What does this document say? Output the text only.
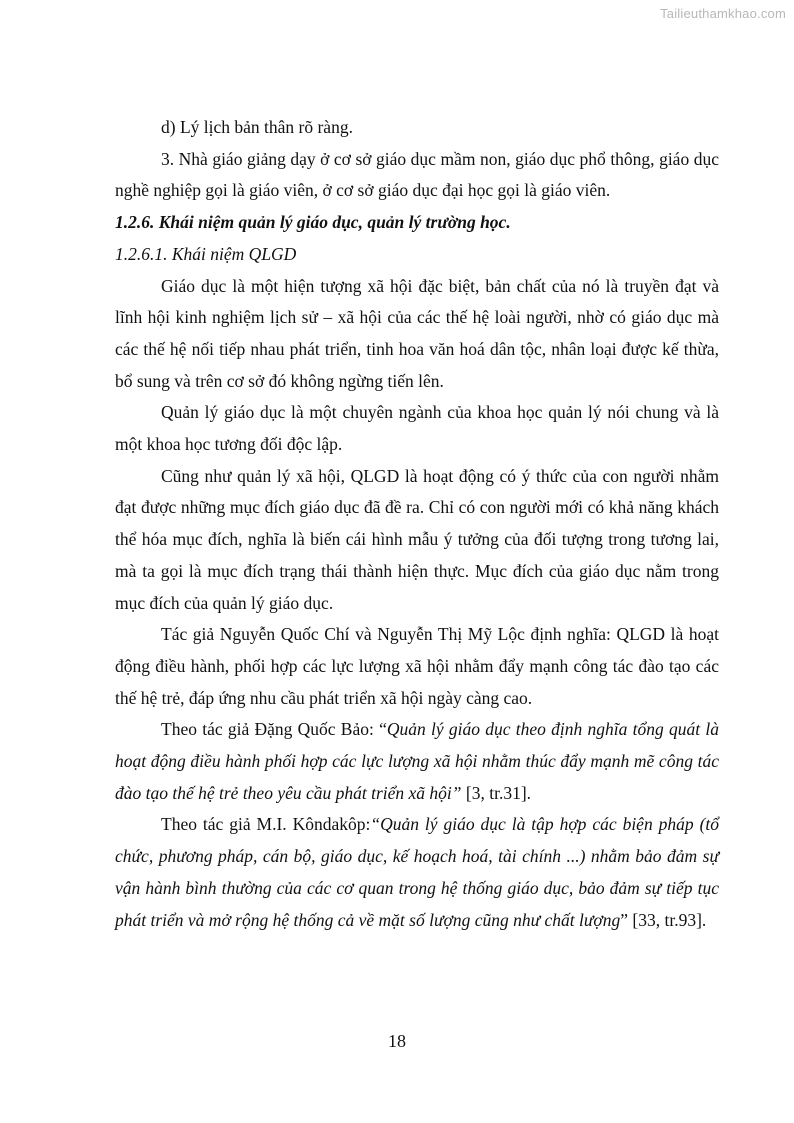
Tailieuthamkhao.com

d) Lý lịch bản thân rõ ràng.

3. Nhà giáo giảng dạy ở cơ sở giáo dục mầm non, giáo dục phổ thông, giáo dục nghề nghiệp gọi là giáo viên, ở cơ sở giáo dục đại học gọi là giáo viên.

1.2.6. Khái niệm quản lý giáo dục, quản lý trường học.

1.2.6.1. Khái niệm QLGD

Giáo dục là một hiện tượng xã hội đặc biệt, bản chất của nó là truyền đạt và lĩnh hội kinh nghiệm lịch sử – xã hội của các thế hệ loài người, nhờ có giáo dục mà các thế hệ nối tiếp nhau phát triển, tinh hoa văn hoá dân tộc, nhân loại được kế thừa, bổ sung và trên cơ sở đó không ngừng tiến lên.

Quản lý giáo dục là một chuyên ngành của khoa học quản lý nói chung và là một khoa học tương đối độc lập.

Cũng như quản lý xã hội, QLGD là hoạt động có ý thức của con người nhằm đạt được những mục đích giáo dục đã đề ra. Chỉ có con người mới có khả năng khách thể hóa mục đích, nghĩa là biến cái hình mẫu ý tưởng của đối tượng trong tương lai, mà ta gọi là mục đích trạng thái thành hiện thực. Mục đích của giáo dục nằm trong mục đích của quản lý giáo dục.

Tác giả Nguyễn Quốc Chí và Nguyễn Thị Mỹ Lộc định nghĩa: QLGD là hoạt động điều hành, phối hợp các lực lượng xã hội nhằm đẩy mạnh công tác đào tạo các thế hệ trẻ, đáp ứng nhu cầu phát triển xã hội ngày càng cao.

Theo tác giả Đặng Quốc Bảo: “Quản lý giáo dục theo định nghĩa tổng quát là hoạt động điều hành phối hợp các lực lượng xã hội nhằm thúc đẩy mạnh mẽ công tác đào tạo thế hệ trẻ theo yêu cầu phát triển xã hội” [3, tr.31].

Theo tác giả M.I. Kôndakôp:“Quản lý giáo dục là tập hợp các biện pháp (tổ chức, phương pháp, cán bộ, giáo dục, kế hoạch hoá, tài chính ...) nhằm bảo đảm sự vận hành bình thường của các cơ quan trong hệ thống giáo dục, bảo đảm sự tiếp tục phát triển và mở rộng hệ thống cả về mặt số lượng cũng như chất lượng” [33, tr.93].

18
